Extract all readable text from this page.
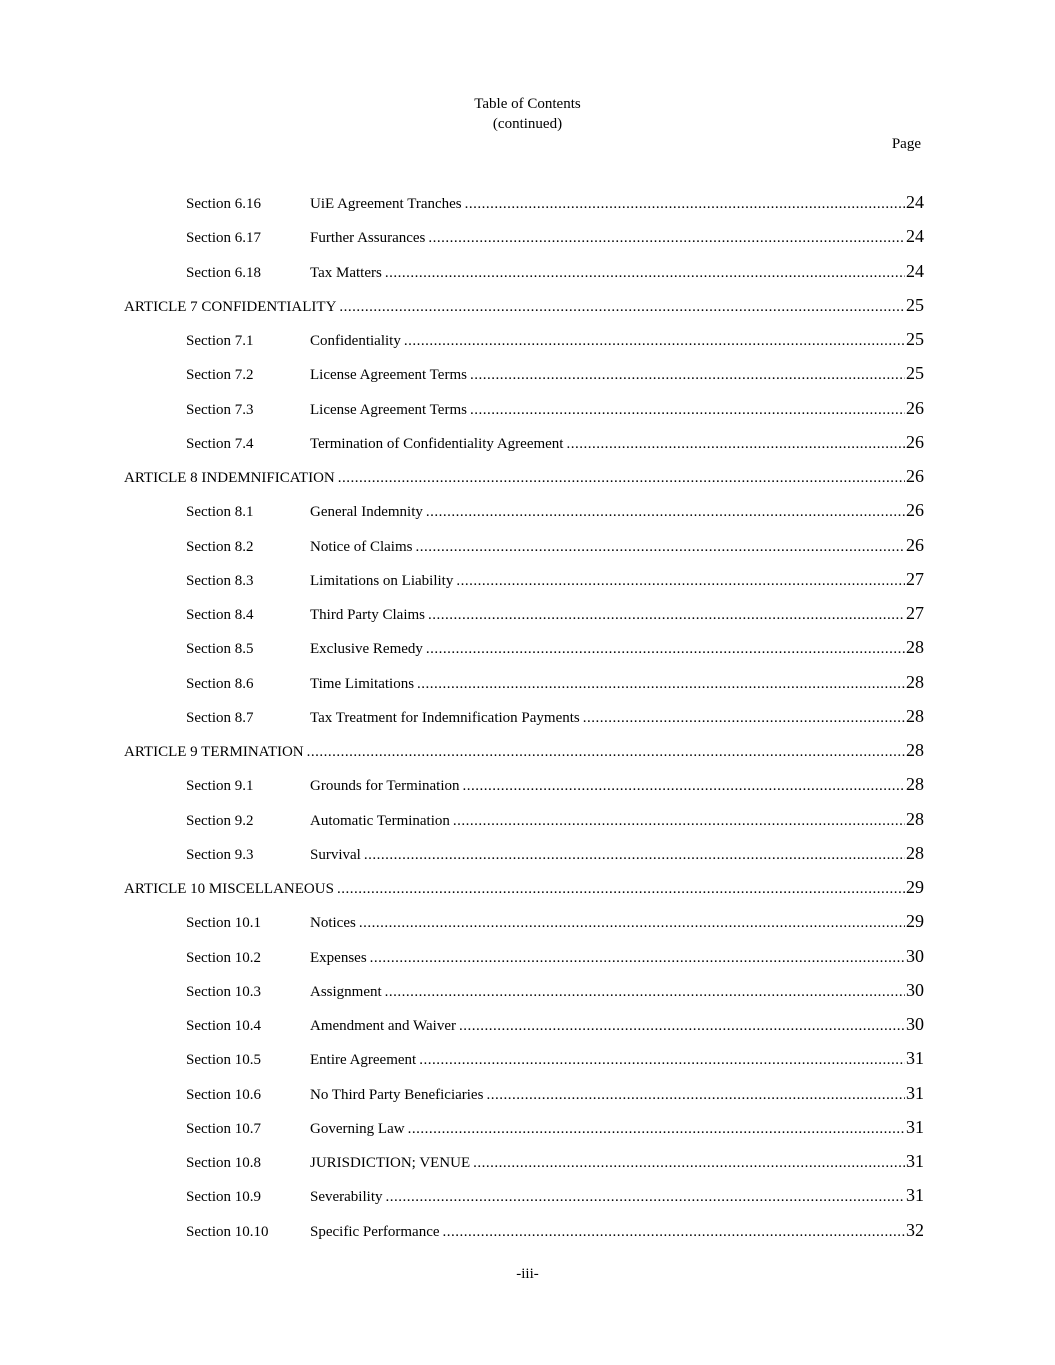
Table of Contents
(continued)
Page
Section 6.16	UiE Agreement Tranches .....	24
Section 6.17	Further Assurances .....	24
Section 6.18	Tax Matters .....	24
ARTICLE 7 CONFIDENTIALITY .....	25
Section 7.1	Confidentiality .....	25
Section 7.2	License Agreement Terms .....	25
Section 7.3	License Agreement Terms .....	26
Section 7.4	Termination of Confidentiality Agreement .....	26
ARTICLE 8 INDEMNIFICATION .....	26
Section 8.1	General Indemnity .....	26
Section 8.2	Notice of Claims .....	26
Section 8.3	Limitations on Liability .....	27
Section 8.4	Third Party Claims .....	27
Section 8.5	Exclusive Remedy .....	28
Section 8.6	Time Limitations .....	28
Section 8.7	Tax Treatment for Indemnification Payments .....	28
ARTICLE 9 TERMINATION .....	28
Section 9.1	Grounds for Termination .....	28
Section 9.2	Automatic Termination .....	28
Section 9.3	Survival .....	28
ARTICLE 10 MISCELLANEOUS .....	29
Section 10.1	Notices .....	29
Section 10.2	Expenses .....	30
Section 10.3	Assignment .....	30
Section 10.4	Amendment and Waiver .....	30
Section 10.5	Entire Agreement .....	31
Section 10.6	No Third Party Beneficiaries .....	31
Section 10.7	Governing Law .....	31
Section 10.8	JURISDICTION; VENUE .....	31
Section 10.9	Severability .....	31
Section 10.10	Specific Performance .....	32
-iii-
